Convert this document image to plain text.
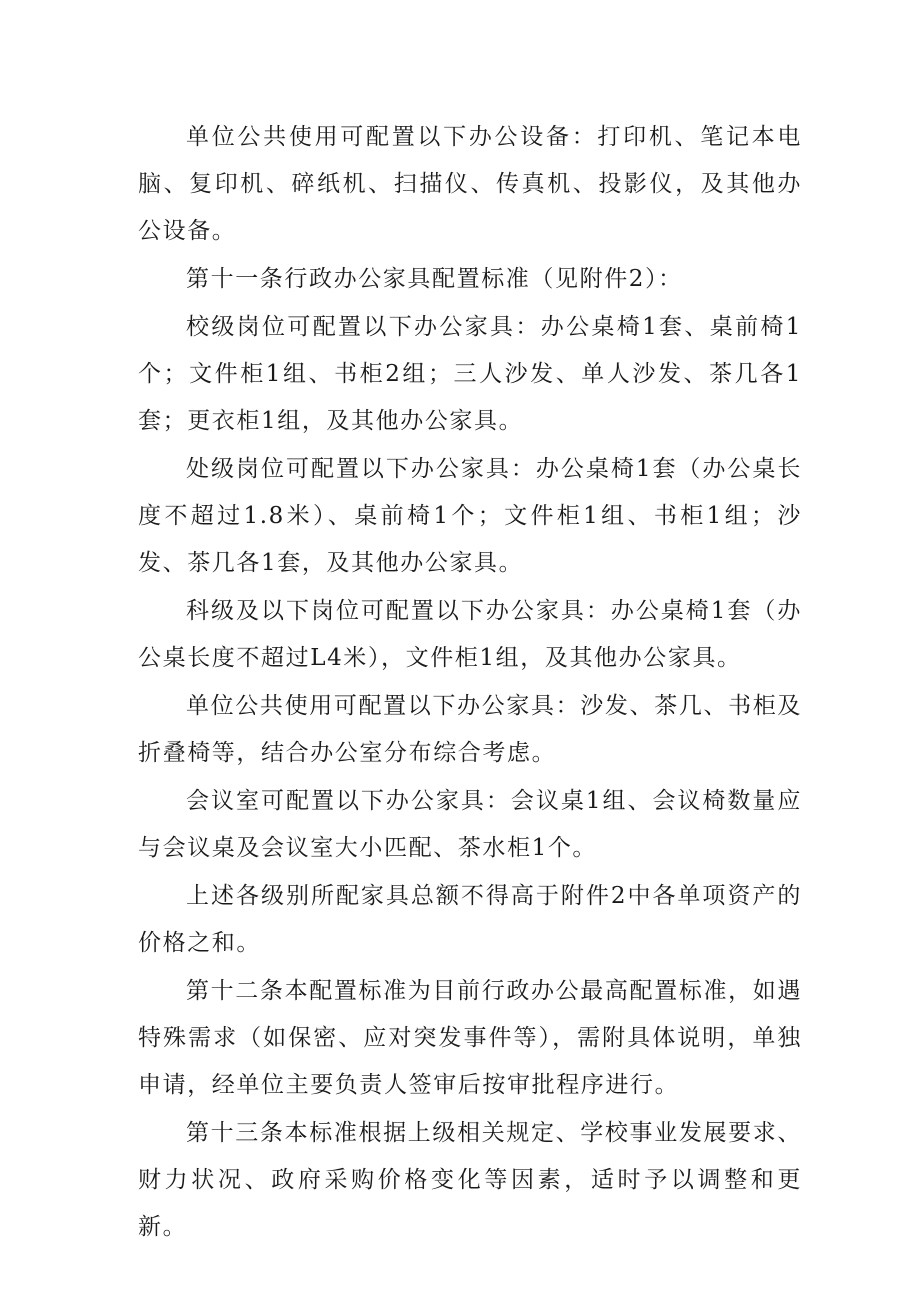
单位公共使用可配置以下办公设备：打印机、笔记本电脑、复印机、碎纸机、扫描仪、传真机、投影仪，及其他办公设备。

第十一条行政办公家具配置标准（见附件2）：

校级岗位可配置以下办公家具：办公桌椅1套、桌前椅1个；文件柜1组、书柜2组；三人沙发、单人沙发、茶几各1套；更衣柜1组，及其他办公家具。

处级岗位可配置以下办公家具：办公桌椅1套（办公桌长度不超过1.8米）、桌前椅1个；文件柜1组、书柜1组；沙发、茶几各1套，及其他办公家具。

科级及以下岗位可配置以下办公家具：办公桌椅1套（办公桌长度不超过L4米），文件柜1组，及其他办公家具。

单位公共使用可配置以下办公家具：沙发、茶几、书柜及折叠椅等，结合办公室分布综合考虑。

会议室可配置以下办公家具：会议桌1组、会议椅数量应与会议桌及会议室大小匹配、茶水柜1个。

上述各级别所配家具总额不得高于附件2中各单项资产的价格之和。

第十二条本配置标准为目前行政办公最高配置标准，如遇特殊需求（如保密、应对突发事件等），需附具体说明，单独申请，经单位主要负责人签审后按审批程序进行。

第十三条本标准根据上级相关规定、学校事业发展要求、财力状况、政府采购价格变化等因素，适时予以调整和更新。
